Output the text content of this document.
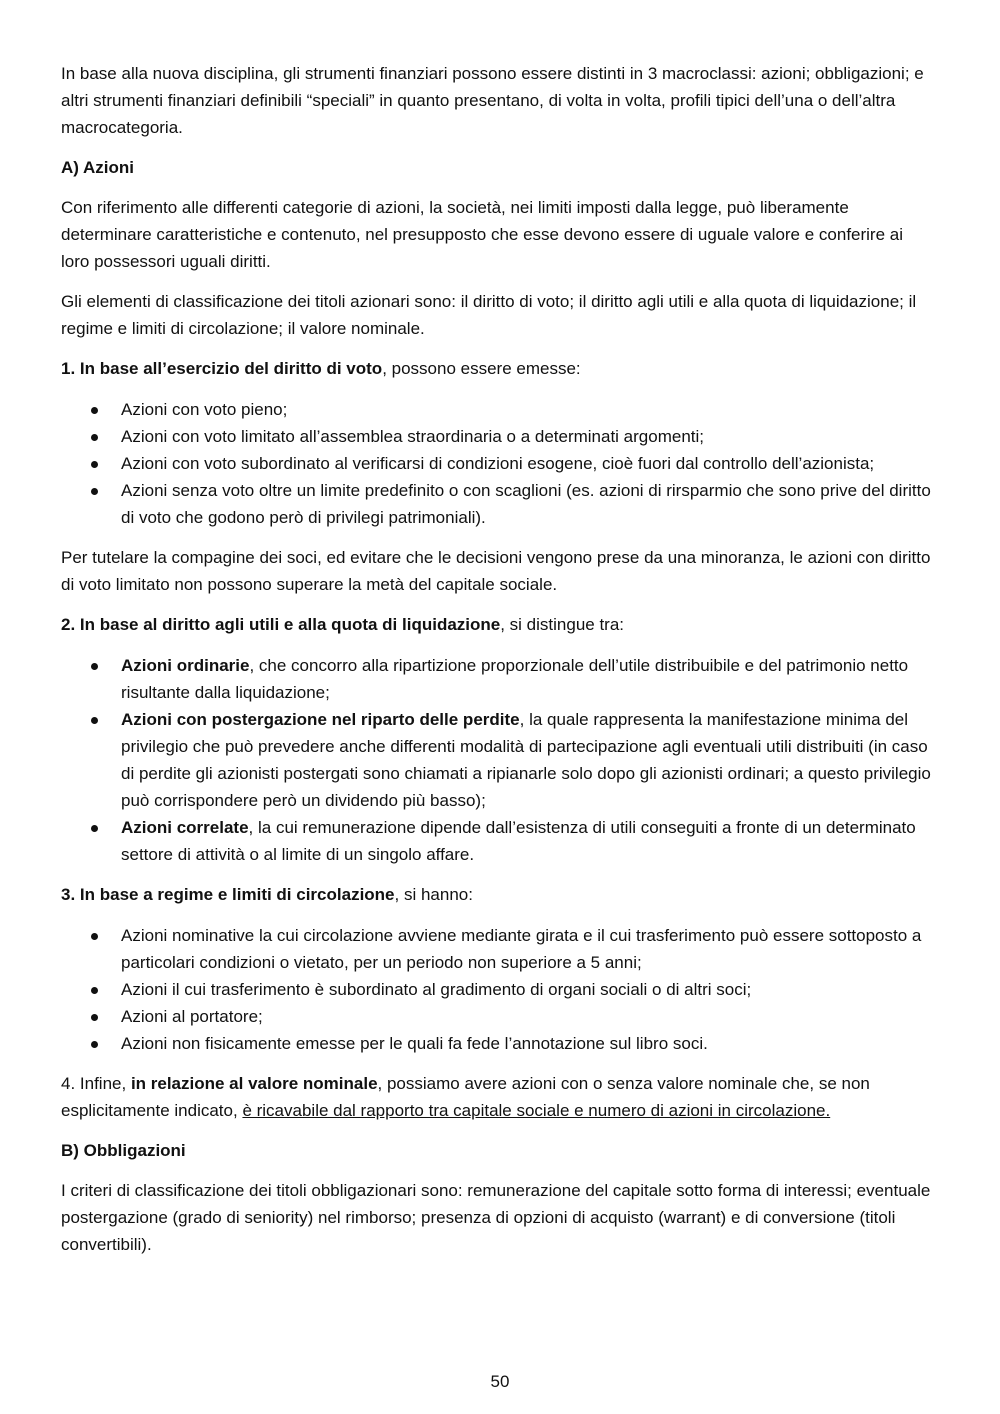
In base alla nuova disciplina, gli strumenti finanziari possono essere distinti in 3 macroclassi: azioni; obbligazioni; e altri strumenti finanziari definibili “speciali” in quanto presentano, di volta in volta, profili tipici dell’una o dell’altra macrocategoria.

A) Azioni

Con riferimento alle differenti categorie di azioni, la società, nei limiti imposti dalla legge, può liberamente determinare caratteristiche e contenuto, nel presupposto che esse devono essere di uguale valore e conferire ai loro possessori uguali diritti.

Gli elementi di classificazione dei titoli azionari sono: il diritto di voto; il diritto agli utili e alla quota di liquidazione; il regime e limiti di circolazione; il valore nominale.

1. In base all’esercizio del diritto di voto, possono essere emesse:

Azioni con voto pieno;
Azioni con voto limitato all’assemblea straordinaria o a determinati argomenti;
Azioni con voto subordinato al verificarsi di condizioni esogene, cioè fuori dal controllo dell’azionista;
Azioni senza voto oltre un limite predefinito o con scaglioni (es. azioni di rirsparmio che sono prive del diritto di voto che godono però di privilegi patrimoniali).

Per tutelare la compagine dei soci, ed evitare che le decisioni vengono prese da una minoranza, le azioni con diritto di voto limitato non possono superare la metà del capitale sociale.

2. In base al diritto agli utili e alla quota di liquidazione, si distingue tra:

Azioni ordinarie, che concorro alla ripartizione proporzionale dell’utile distribuibile e del patrimonio netto risultante dalla liquidazione;
Azioni con postergazione nel riparto delle perdite, la quale rappresenta la manifestazione minima del privilegio che può prevedere anche differenti modalità di partecipazione agli eventuali utili distribuiti (in caso di perdite gli azionisti postergati sono chiamati a ripianarle solo dopo gli azionisti ordinari; a questo privilegio può corrispondere però un dividendo più basso);
Azioni correlate, la cui remunerazione dipende dall’esistenza di utili conseguiti a fronte di un determinato settore di attività o al limite di un singolo affare.

3. In base a regime e limiti di circolazione, si hanno:

Azioni nominative la cui circolazione avviene mediante girata e il cui trasferimento può essere sottoposto a particolari condizioni o vietato, per un periodo non superiore a 5 anni;
Azioni il cui trasferimento è subordinato al gradimento di organi sociali o di altri soci;
Azioni al portatore;
Azioni non fisicamente emesse per le quali fa fede l’annotazione sul libro soci.

4. Infine, in relazione al valore nominale, possiamo avere azioni con o senza valore nominale che, se non esplicitamente indicato, è ricavabile dal rapporto tra capitale sociale e numero di azioni in circolazione.

B) Obbligazioni

I criteri di classificazione dei titoli obbligazionari sono: remunerazione del capitale sotto forma di interessi; eventuale postergazione (grado di seniority) nel rimborso; presenza di opzioni di acquisto (warrant) e di conversione (titoli convertibili).

50
